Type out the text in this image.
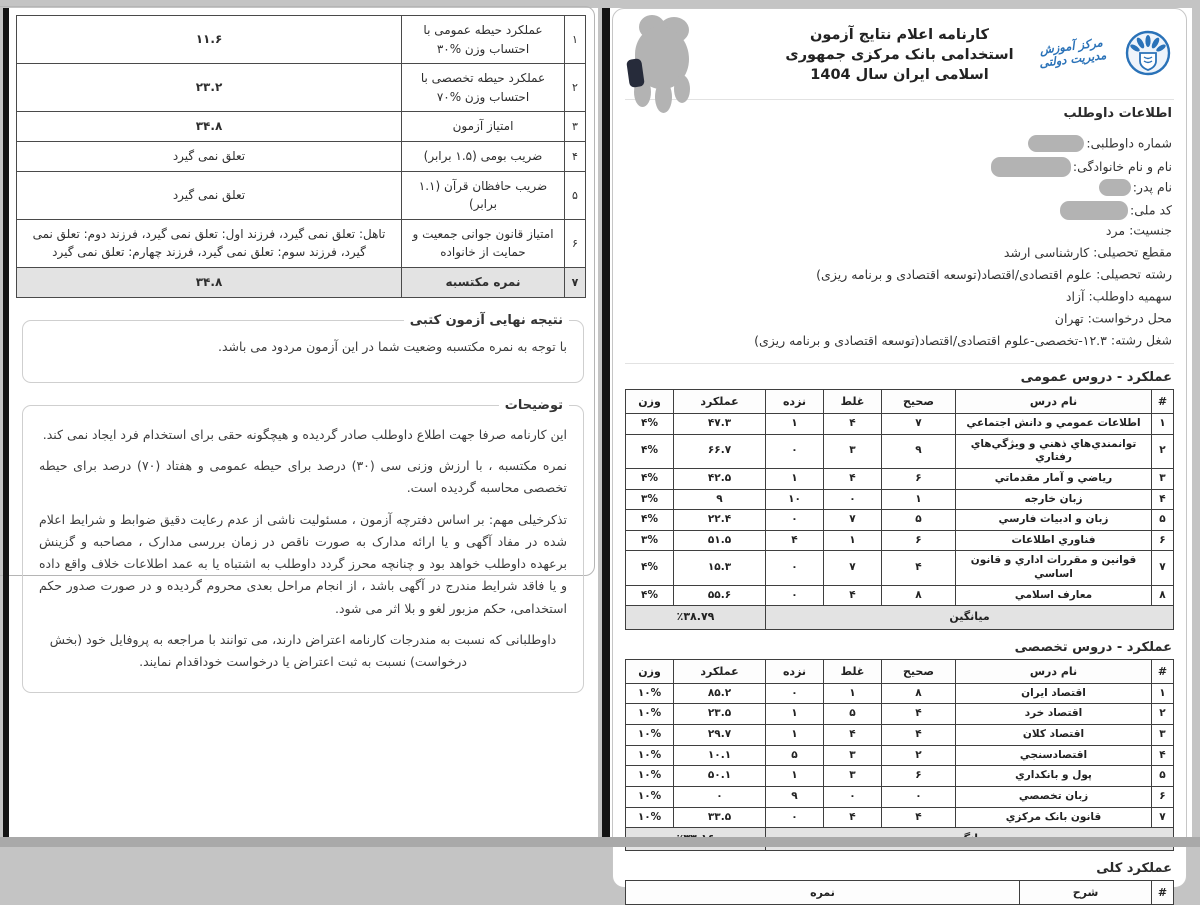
۱	عملکرد حیطه عمومی با احتساب وزن ۳۰%	۱۱.۶
۲	عملکرد حیطه تخصصی با احتساب وزن ۷۰%	۲۳.۲
۳	امتیاز آزمون	۳۴.۸
۴	ضریب بومی (۱.۵ برابر)	تعلق نمی گیرد
۵	ضریب حافظان قرآن (۱.۱ برابر)	تعلق نمی گیرد
۶	امتیاز قانون جوانی جمعیت و حمایت از خانواده	تاهل: تعلق نمی گیرد، فرزند اول: تعلق نمی گیرد، فرزند دوم: تعلق نمی گیرد، فرزند سوم: تعلق نمی گیرد، فرزند چهارم: تعلق نمی گیرد
۷	نمره مکتسبه	۳۴.۸
نتیجه نهایی آزمون کتبی

با توجه به نمره مکتسبه وضعیت شما در این آزمون مردود می باشد.

توضیحات

این کارنامه صرفا جهت اطلاع داوطلب صادر گردیده و هیچگونه حقی برای استخدام فرد ایجاد نمی کند.

نمره مکتسبه ، با ارزش وزنی سی (۳۰) درصد برای حیطه عمومی و هفتاد (۷۰) درصد برای حیطه تخصصی محاسبه گردیده است.

تذکرخیلی مهم: بر اساس دفترچه آزمون ، مسئولیت ناشی از عدم رعایت دقیق ضوابط و شرایط اعلام شده در مفاد آگهی و یا ارائه مدارک به صورت ناقص در زمان بررسی مدارک ، مصاحبه و گزینش برعهده داوطلب خواهد بود و چنانچه محرز گردد داوطلب به اشتباه یا به عمد اطلاعات خلاف واقع داده و یا فاقد شرایط مندرج در آگهی باشد ، از انجام مراحل بعدی محروم گردیده و در صورت صدور حکم استخدامی، حکم مزبور لغو و بلا اثر می شود.

داوطلبانی که نسبت به مندرجات کارنامه اعتراض دارند، می توانند با مراجعه به پروفایل خود (بخش درخواست) نسبت به ثبت اعتراض یا درخواست خوداقدام نمایند.

کارنامه اعلام نتایج آزمون
استخدامی بانک مرکزی جمهوری
اسلامی ایران سال 1404
مرکز آموزش مدیریت دولتی
اطلاعات داوطلب
شماره داوطلبی:
نام و نام خانوادگی:
نام پدر:
کد ملی:
جنسیت:مرد
مقطع تحصیلی:کارشناسی ارشد
رشته تحصیلی:علوم اقتصادی/اقتصاد(توسعه اقتصادی و برنامه ریزی)
سهمیه داوطلب:آزاد
محل درخواست:تهران
شغل رشته:۱۲.۳-تخصصی-علوم اقتصادی/اقتصاد(توسعه اقتصادی و برنامه ریزی)
عملکرد - دروس عمومی
#	نام درس	صحیح	غلط	نزده	عملکرد	وزن
۱	اطلاعات عمومي و دانش اجتماعي	۷	۴	۱	۴۷.۳	۴%
۲	توانمندي‌هاي ذهني و ویژگي‌هاي رفتاري	۹	۳	۰	۶۶.۷	۴%
۳	ریاضي و آمار مقدماتي	۶	۴	۱	۴۲.۵	۴%
۴	زبان خارجه	۱	۰	۱۰	۹	۳%
۵	زبان و ادبیات فارسي	۵	۷	۰	۲۲.۴	۴%
۶	فناوري اطلاعات	۶	۱	۴	۵۱.۵	۳%
۷	قوانین و مقررات اداري و قانون اساسي	۴	۷	۰	۱۵.۳	۴%
۸	معارف اسلامي	۸	۴	۰	۵۵.۶	۴%
میانگین					٪۳۸.۷۹	
عملکرد - دروس تخصصی
#	نام درس	صحیح	غلط	نزده	عملکرد	وزن
۱	اقتصاد ایران	۸	۱	۰	۸۵.۲	۱۰%
۲	اقتصاد خرد	۴	۵	۱	۲۳.۵	۱۰%
۳	اقتصاد کلان	۴	۴	۱	۲۹.۷	۱۰%
۴	اقتصادسنجي	۲	۳	۵	۱۰.۱	۱۰%
۵	پول و بانکداري	۶	۳	۱	۵۰.۱	۱۰%
۶	زبان تخصصي	۰	۰	۹	۰	۱۰%
۷	قانون بانک مرکزي	۴	۴	۰	۳۳.۵	۱۰%

عملکرد کلی
#	شرح	نمره
